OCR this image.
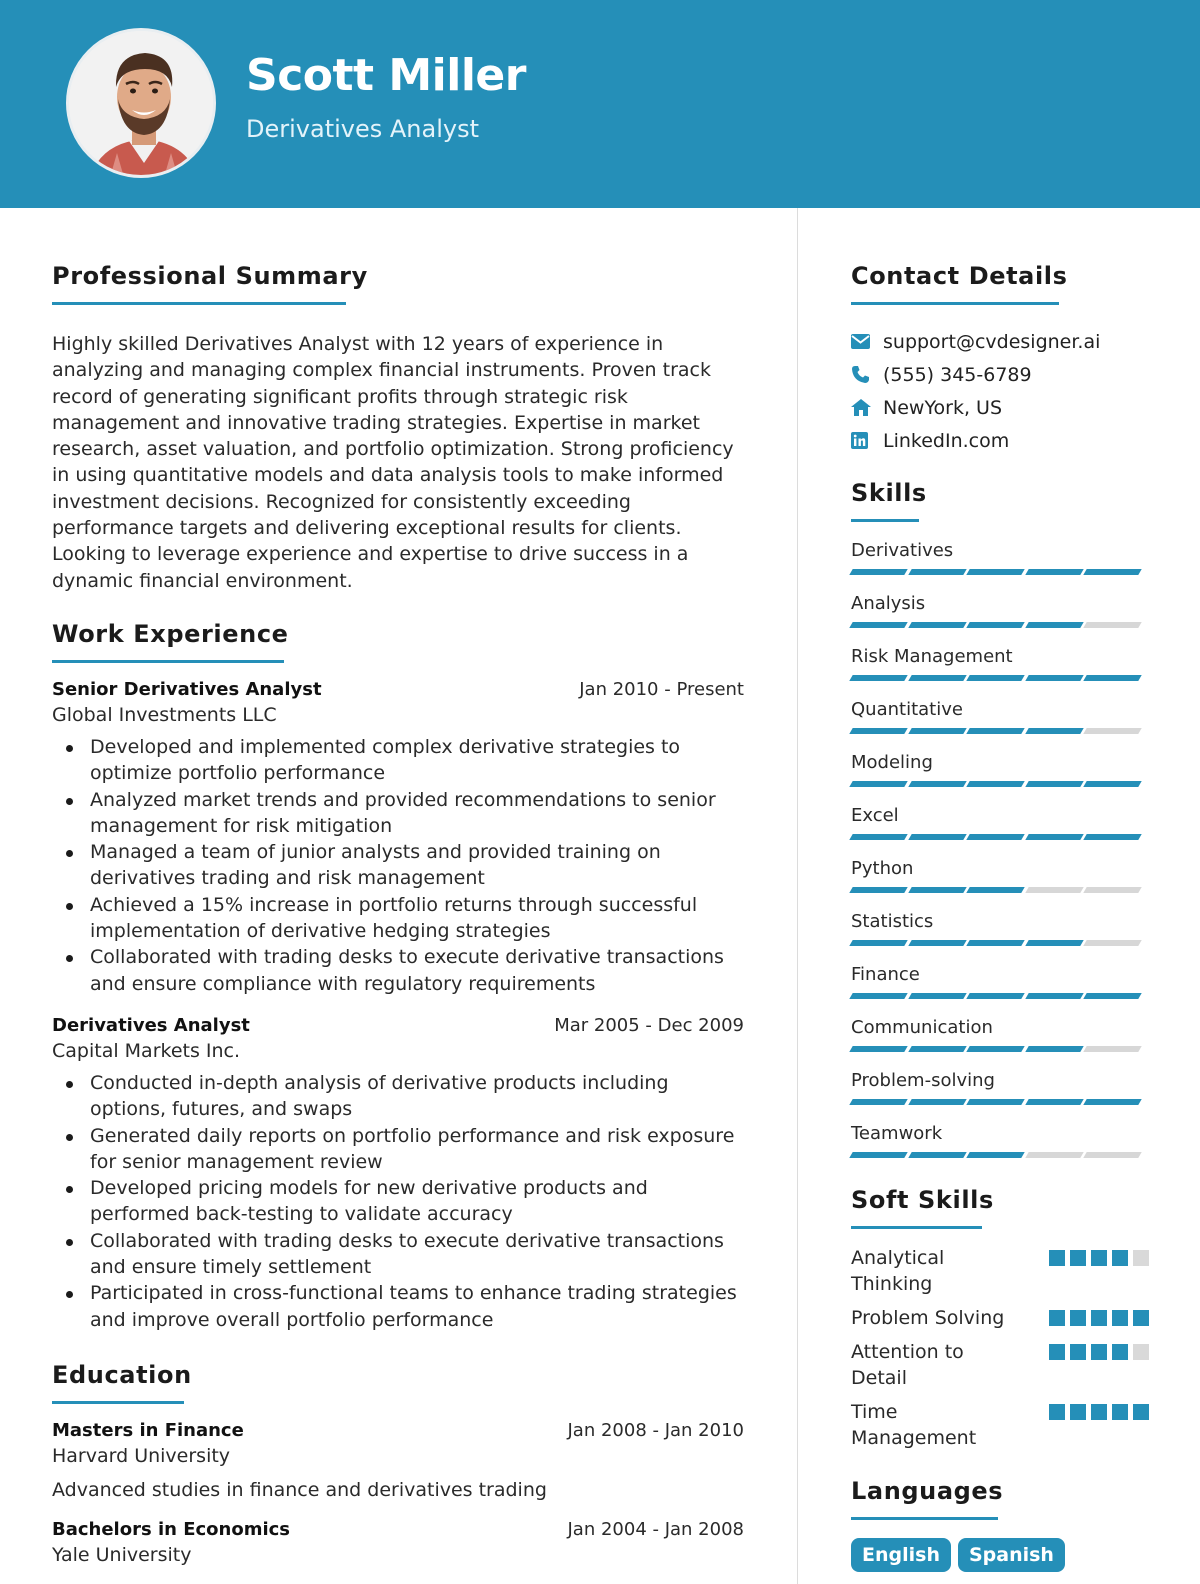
Scott Miller
Derivatives Analyst
Professional Summary

Highly skilled Derivatives Analyst with 12 years of experience in analyzing and managing complex financial instruments. Proven track record of generating significant profits through strategic risk management and innovative trading strategies. Expertise in market research, asset valuation, and portfolio optimization. Strong proficiency in using quantitative models and data analysis tools to make informed investment decisions. Recognized for consistently exceeding performance targets and delivering exceptional results for clients. Looking to leverage experience and expertise to drive success in a dynamic financial environment.

Work Experience
Senior Derivatives Analyst	Jan 2010 - Present
Global Investments LLC
Developed and implemented complex derivative strategies to optimize portfolio performance
Analyzed market trends and provided recommendations to senior management for risk mitigation
Managed a team of junior analysts and provided training on derivatives trading and risk management
Achieved a 15% increase in portfolio returns through successful implementation of derivative hedging strategies
Collaborated with trading desks to execute derivative transactions and ensure compliance with regulatory requirements
Derivatives Analyst	Mar 2005 - Dec 2009
Capital Markets Inc.
Conducted in-depth analysis of derivative products including options, futures, and swaps
Generated daily reports on portfolio performance and risk exposure for senior management review
Developed pricing models for new derivative products and performed back-testing to validate accuracy
Collaborated with trading desks to execute derivative transactions and ensure timely settlement
Participated in cross-functional teams to enhance trading strategies and improve overall portfolio performance
Education
Masters in Finance	Jan 2008 - Jan 2010
Harvard University
Advanced studies in finance and derivatives trading
Bachelors in Economics	Jan 2004 - Jan 2008
Yale University
Contact Details
support@cvdesigner.ai
(555) 345-6789
NewYork, US
LinkedIn.com
Skills
Derivatives
Analysis
Risk Management
Quantitative
Modeling
Excel
Python
Statistics
Finance
Communication
Problem-solving
Teamwork
Soft Skills
Analytical Thinking
Problem Solving
Attention to Detail
Time Management
Languages
English	Spanish
